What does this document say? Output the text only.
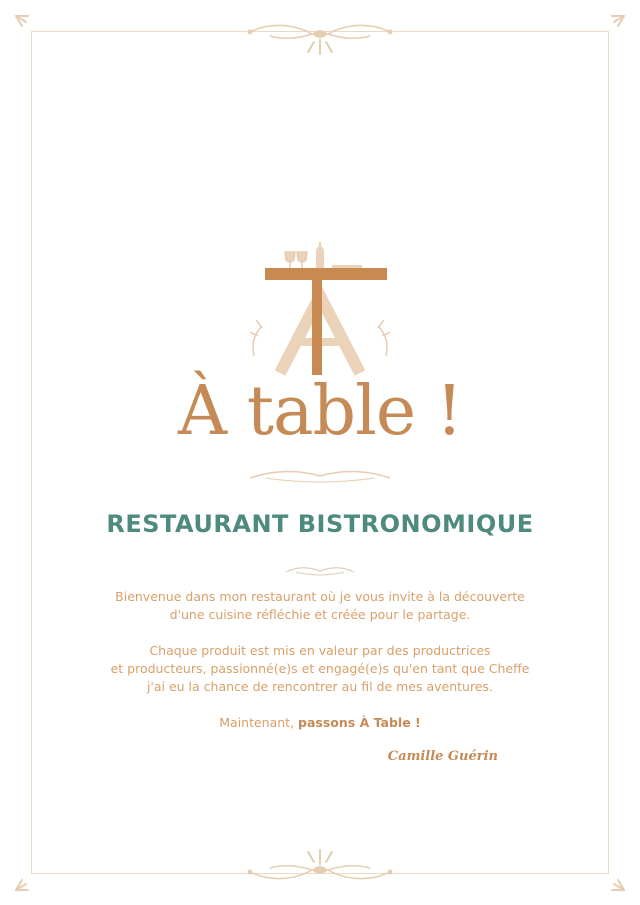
À table !
RESTAURANT BISTRONOMIQUE
Bienvenue dans mon restaurant où je vous invite à la découverte
d'une cuisine réfléchie et créée pour le partage.
Chaque produit est mis en valeur par des productrices
et producteurs, passionné(e)s et engagé(e)s qu'en tant que Cheffe
j'ai eu la chance de rencontrer au fil de mes aventures.
Maintenant, passons À Table !
Camille Guérin
